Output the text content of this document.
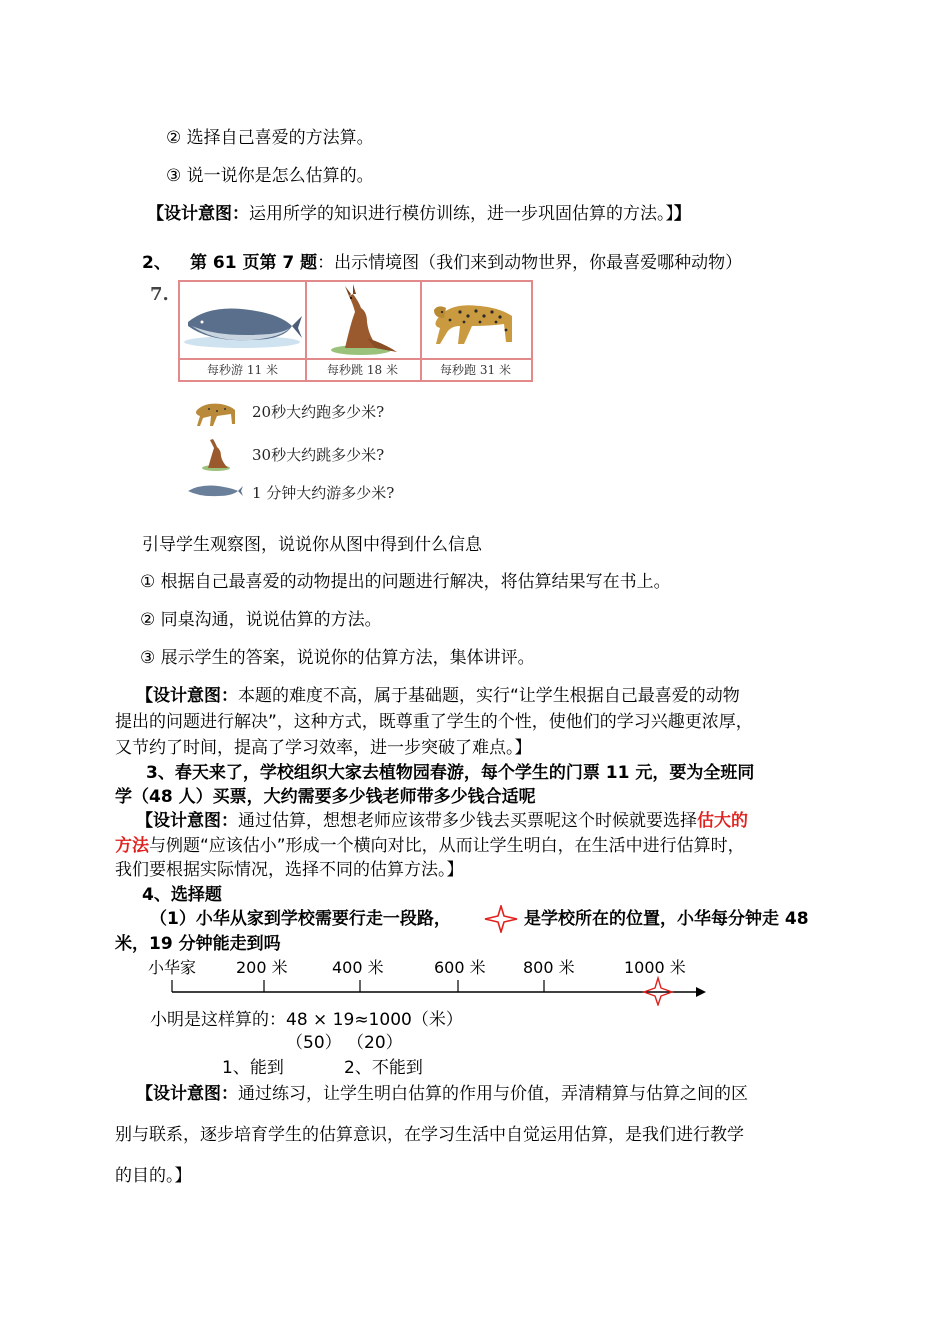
② 选择自己喜爱的方法算。
③ 说一说你是怎么估算的。
【设计意图：运用所学的知识进行模仿训练，进一步巩固估算的方法。】】
2、 第 61 页第 7 题：出示情境图（我们来到动物世界，你最喜爱哪种动物）
7.
每秒游 11 米	每秒跳 18 米	每秒跑 31 米
20秒大约跑多少米?
30秒大约跳多少米?
1 分钟大约游多少米?
引导学生观察图，说说你从图中得到什么信息
① 根据自己最喜爱的动物提出的问题进行解决，将估算结果写在书上。
② 同桌沟通，说说估算的方法。
③ 展示学生的答案，说说你的估算方法，集体讲评。
【设计意图：本题的难度不高，属于基础题，实行“让学生根据自己最喜爱的动物
提出的问题进行解决”，这种方式，既尊重了学生的个性，使他们的学习兴趣更浓厚，
又节约了时间，提高了学习效率，进一步突破了难点。】
3、春天来了，学校组织大家去植物园春游，每个学生的门票 11 元，要为全班同
学（48 人）买票，大约需要多少钱老师带多少钱合适呢
【设计意图：通过估算，想想老师应该带多少钱去买票呢这个时候就要选择估大的
方法与例题“应该估小”形成一个横向对比，从而让学生明白，在生活中进行估算时，
我们要根据实际情况，选择不同的估算方法。】
4、选择题
（1）小华从家到学校需要行走一段路，	是学校所在的位置，小华每分钟走 48
米，19 分钟能走到吗
小华家 200 米	400 米	600 米 800 米	1000 米
小明是这样算的：48 × 19≈1000（米）
（50） （20）
1、能到	2、不能到
【设计意图：通过练习，让学生明白估算的作用与价值，弄清精算与估算之间的区
别与联系，逐步培育学生的估算意识，在学习生活中自觉运用估算，是我们进行教学
的目的。】
